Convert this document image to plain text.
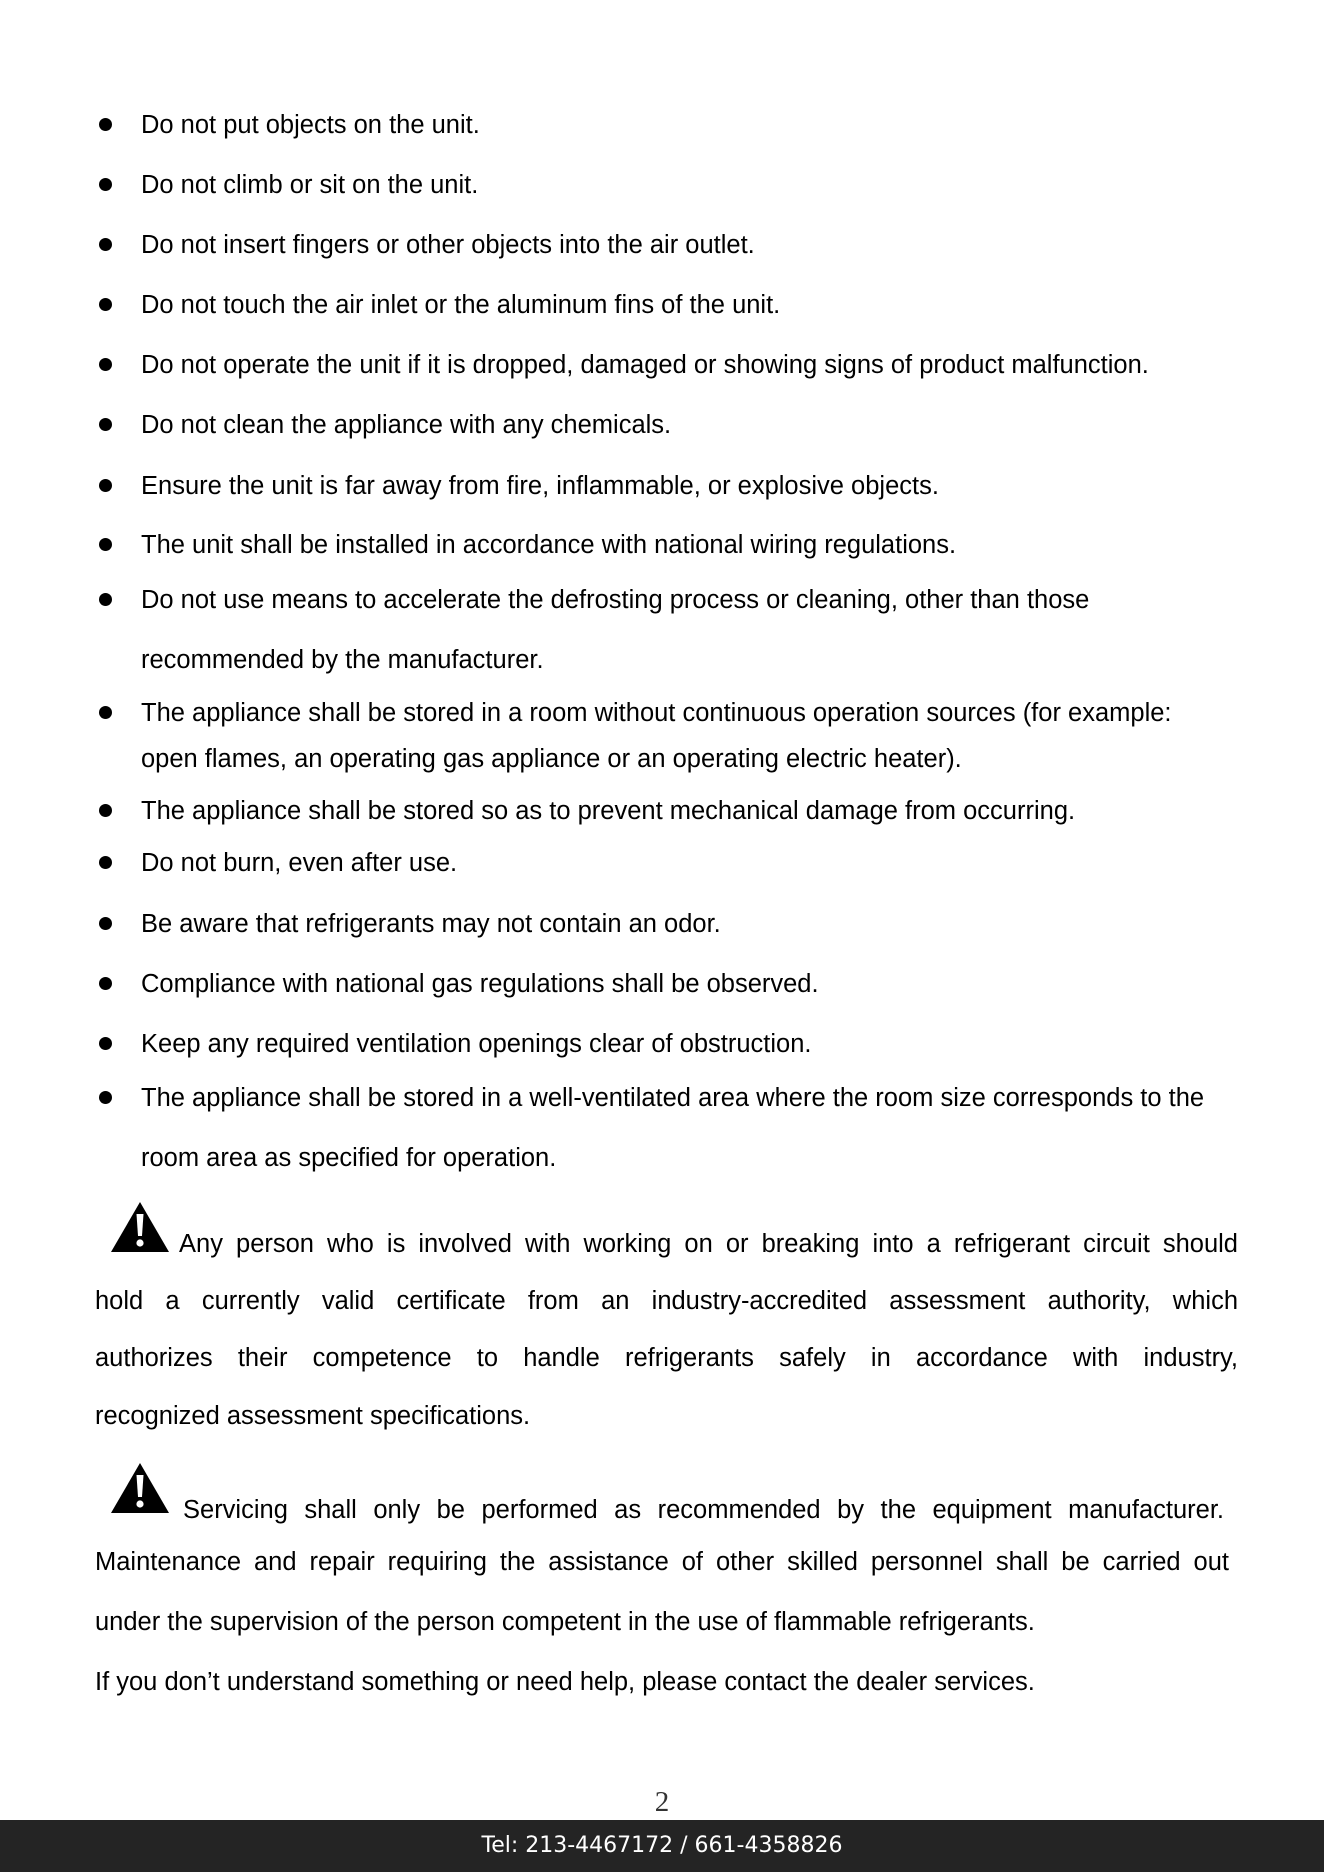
Do not put objects on the unit.
Do not climb or sit on the unit.
Do not insert fingers or other objects into the air outlet.
Do not touch the air inlet or the aluminum fins of the unit.
Do not operate the unit if it is dropped, damaged or showing signs of product malfunction.
Do not clean the appliance with any chemicals.
Ensure the unit is far away from fire, inflammable, or explosive objects.
The unit shall be installed in accordance with national wiring regulations.
Do not use means to accelerate the defrosting process or cleaning, other than those
recommended by the manufacturer.
The appliance shall be stored in a room without continuous operation sources (for example:
open flames, an operating gas appliance or an operating electric heater).
The appliance shall be stored so as to prevent mechanical damage from occurring.
Do not burn, even after use.
Be aware that refrigerants may not contain an odor.
Compliance with national gas regulations shall be observed.
Keep any required ventilation openings clear of obstruction.
The appliance shall be stored in a well-ventilated area where the room size corresponds to the
room area as specified for operation.
Any person who is involved with working on or breaking into a refrigerant circuit should
hold a currently valid certificate from an industry-accredited assessment authority, which
authorizes their competence to handle refrigerants safely in accordance with industry,
recognized assessment specifications.
Servicing shall only be performed as recommended by the equipment manufacturer.
Maintenance and repair requiring the assistance of other skilled personnel shall be carried out
under the supervision of the person competent in the use of flammable refrigerants.
If you don’t understand something or need help, please contact the dealer services.
2
Tel: 213-4467172 / 661-4358826
